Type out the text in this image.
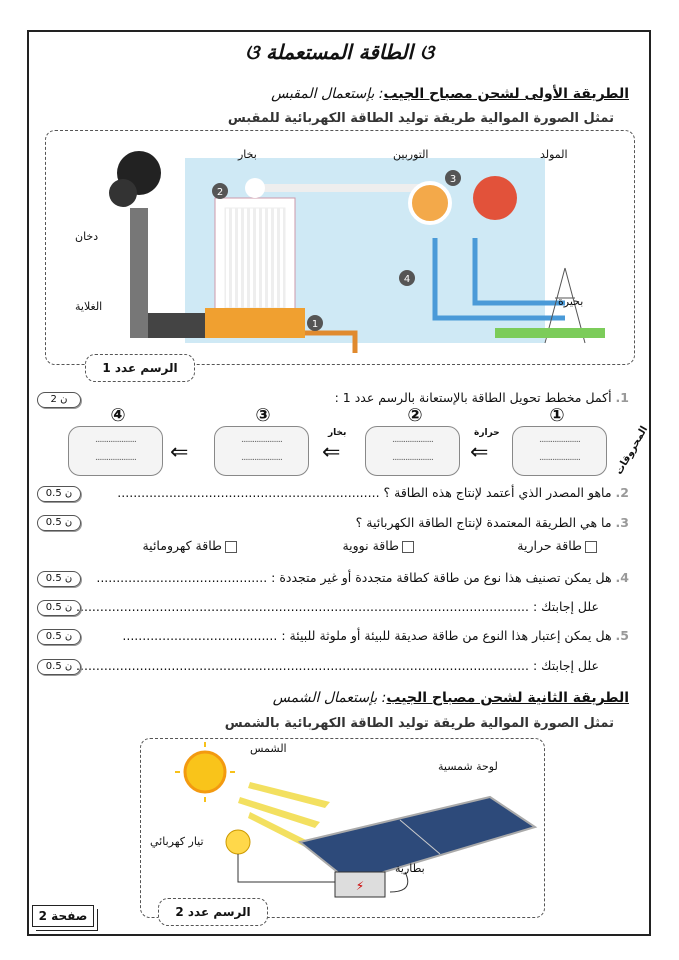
ଓ الطاقة المستعملة ଓ
الطريقة الأولى لشحن مصباح الجيب: بإستعمال المقبس
تمثل الصورة الموالية طريقة توليد الطاقة الكهربائية للمقبس
2
1
3
4
بخار	التوربين	المولد
دخان
الغلاية	بحيرة
الرسم عدد 1
1. أكمل مخطط تحويل الطاقة بالإستعانة بالرسم عدد 1 :
2 ن
①
②
③
④
......................
......................
......................
......................
......................
......................
......................
......................	⇐
⇐
⇐
حرارة
بخار	المحروقات
2. ماهو المصدر الذي أعتمد لإنتاج هذه الطاقة ؟ ..................................................................
0.5 ن
3. ما هي الطريقة المعتمدة لإنتاج الطاقة الكهربائية ؟
0.5 ن
طاقة حرارية
طاقة نووية
طاقة كهرومائية
4. هل يمكن تصنيف هذا نوع من طاقة كطاقة متجددة أو غير متجددة : ...........................................
0.5 ن
علل إجابتك : ..................................................................................................................
0.5 ن
5. هل يمكن إعتبار هذا النوع من طاقة صديقة للبيئة أو ملوثة للبيئة : .......................................
0.5 ن
علل إجابتك : ..................................................................................................................
0.5 ن
الطريقة الثانية لشحن مصباح الجيب: بإستعمال الشمس
تمثل الصورة الموالية طريقة توليد الطاقة الكهربائية بالشمس
⚡
الشمس
لوحة شمسية
تيار كهربائي
بطارية
الرسم عدد 2
صفحة 2
